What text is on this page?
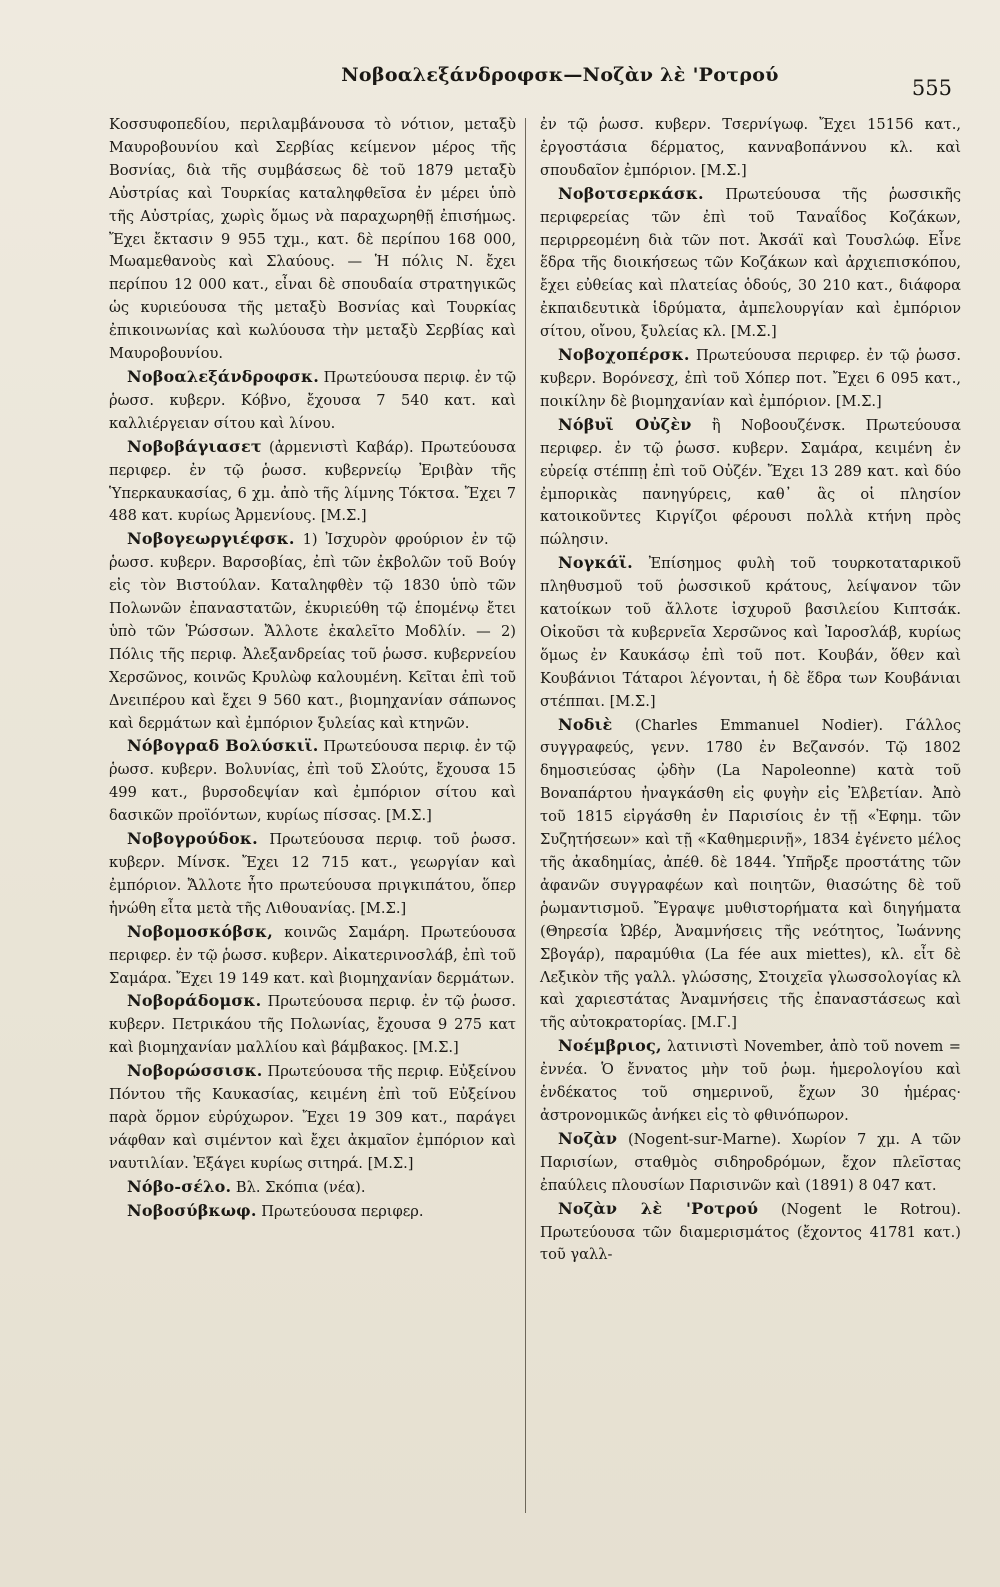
Νοβοαλεξάνδροφσκ—Νοζὰν λὲ 'Ροτρού
555

Κοσσυφοπεδίου, περιλαμβάνουσα τὸ νότιον, μεταξὺ Μαυροβουνίου καὶ Σερβίας κείμενον μέρος τῆς Βοσνίας, διὰ τῆς συμβάσεως δὲ τοῦ 1879 μεταξὺ Αὐστρίας καὶ Τουρκίας καταληφθεῖσα ἐν μέρει ὑπὸ τῆς Αὐστρίας, χωρὶς ὅμως νὰ παραχωρηθῇ ἐπισήμως. Ἔχει ἔκτασιν 9 955 τχμ., κατ. δὲ περίπου 168 000, Μωαμεθανοὺς καὶ Σλαύους. — Ἡ πόλις Ν. ἔχει περίπου 12 000 κατ., εἶναι δὲ σπουδαία στρατηγικῶς ὡς κυριεύουσα τῆς μεταξὺ Βοσνίας καὶ Τουρκίας ἐπικοινωνίας καὶ κωλύουσα τὴν μεταξὺ Σερβίας καὶ Μαυροβουνίου.

Νοβοαλεξάνδροφσκ. Πρωτεύουσα περιφ. ἐν τῷ ῥωσσ. κυβερν. Κόβνο, ἔχουσα 7 540 κατ. καὶ καλλιέργειαν σίτου καὶ λίνου.

Νοβοβάγιασετ (ἀρμενιστὶ Καβάρ). Πρωτεύουσα περιφερ. ἐν τῷ ῥωσσ. κυβερνείῳ Ἐριβὰν τῆς Ὑπερκαυκασίας, 6 χμ. ἀπὸ τῆς λίμνης Τόκτσα. Ἔχει 7 488 κατ. κυρίως Ἀρμενίους. [Μ.Σ.]

Νοβογεωργιέφσκ. 1) Ἰσχυρὸν φρούριον ἐν τῷ ῥωσσ. κυβερν. Βαρσοβίας, ἐπὶ τῶν ἐκβολῶν τοῦ Βούγ εἰς τὸν Βιστούλαν. Καταληφθὲν τῷ 1830 ὑπὸ τῶν Πολωνῶν ἐπαναστατῶν, ἐκυριεύθη τῷ ἑπομένῳ ἔτει ὑπὸ τῶν Ῥώσσων. Ἄλλοτε ἐκαλεῖτο Μοδλίν. — 2) Πόλις τῆς περιφ. Ἀλεξανδρείας τοῦ ῥωσσ. κυβερνείου Χερσῶνος, κοινῶς Κρυλὼφ καλουμένη. Κεῖται ἐπὶ τοῦ Δνειπέρου καὶ ἔχει 9 560 κατ., βιομηχανίαν σάπωνος καὶ δερμάτων καὶ ἐμπόριον ξυλείας καὶ κτηνῶν.

Νόβογραδ Βολύσκιϊ. Πρωτεύουσα περιφ. ἐν τῷ ῥωσσ. κυβερν. Βολυνίας, ἐπὶ τοῦ Σλούτς, ἔχουσα 15 499 κατ., βυρσοδεψίαν καὶ ἐμπόριον σίτου καὶ δασικῶν προϊόντων, κυρίως πίσσας. [Μ.Σ.]

Νοβογρούδοκ. Πρωτεύουσα περιφ. τοῦ ῥωσσ. κυβερν. Μίνσκ. Ἔχει 12 715 κατ., γεωργίαν καὶ ἐμπόριον. Ἄλλοτε ἦτο πρωτεύουσα πριγκιπάτου, ὅπερ ἡνώθη εἶτα μετὰ τῆς Λιθουανίας. [Μ.Σ.]

Νοβομοσκόβσκ, κοινῶς Σαμάρη. Πρωτεύουσα περιφερ. ἐν τῷ ῥωσσ. κυβερν. Αἰκατερινοσλάβ, ἐπὶ τοῦ Σαμάρα. Ἔχει 19 149 κατ. καὶ βιομηχανίαν δερμάτων.

Νοβοράδομσκ. Πρωτεύουσα περιφ. ἐν τῷ ῥωσσ. κυβερν. Πετρικάου τῆς Πολωνίας, ἔχουσα 9 275 κατ καὶ βιομηχανίαν μαλλίου καὶ βάμβακος. [Μ.Σ.]

Νοβορώσσισκ. Πρωτεύουσα τῆς περιφ. Εὐξείνου Πόντου τῆς Καυκασίας, κειμένη ἐπὶ τοῦ Εὐξείνου παρὰ ὅρμον εὐρύχωρον. Ἔχει 19 309 κατ., παράγει νάφθαν καὶ σιμέντον καὶ ἔχει ἀκμαῖον ἐμπόριον καὶ ναυτιλίαν. Ἐξάγει κυρίως σιτηρά. [Μ.Σ.]

Νόβο-σέλο. Βλ. Σκόπια (νέα).

Νοβοσύβκωφ. Πρωτεύουσα περιφερ.

ἐν τῷ ῥωσσ. κυβερν. Τσερνίγωφ. Ἔχει 15156 κατ., ἐργοστάσια δέρματος, κανναβοπάννου κλ. καὶ σπουδαῖον ἐμπόριον. [Μ.Σ.]

Νοβοτσερκάσκ. Πρωτεύουσα τῆς ῥωσσικῆς περιφερείας τῶν ἐπὶ τοῦ Ταναΐδος Κοζάκων, περιρρεομένη διὰ τῶν ποτ. Ἀκσάϊ καὶ Τουσλώφ. Εἶνε ἕδρα τῆς διοικήσεως τῶν Κοζάκων καὶ ἀρχιεπισκόπου, ἔχει εὐθείας καὶ πλατείας ὁδούς, 30 210 κατ., διάφορα ἐκπαιδευτικὰ ἱδρύματα, ἀμπελουργίαν καὶ ἐμπόριον σίτου, οἴνου, ξυλείας κλ. [Μ.Σ.]

Νοβοχοπέρσκ. Πρωτεύουσα περιφερ. ἐν τῷ ῥωσσ. κυβερν. Βορόνεσχ, ἐπὶ τοῦ Χόπερ ποτ. Ἔχει 6 095 κατ., ποικίλην δὲ βιομηχανίαν καὶ ἐμπόριον. [Μ.Σ.]

Νόβυϊ Οὐζὲν ἢ Νοβοουζένσκ. Πρωτεύουσα περιφερ. ἐν τῷ ῥωσσ. κυβερν. Σαμάρα, κειμένη ἐν εὐρείᾳ στέππῃ ἐπὶ τοῦ Οὐζέν. Ἔχει 13 289 κατ. καὶ δύο ἐμπορικὰς πανηγύρεις, καθ᾽ ἃς οἱ πλησίον κατοικοῦντες Κιργίζοι φέρουσι πολλὰ κτήνη πρὸς πώλησιν.

Νογκάϊ. Ἐπίσημος φυλὴ τοῦ τουρκοταταρικοῦ πληθυσμοῦ τοῦ ῥωσσικοῦ κράτους, λείψανον τῶν κατοίκων τοῦ ἄλλοτε ἰσχυροῦ βασιλείου Κιπτσάκ. Οἰκοῦσι τὰ κυβερνεῖα Χερσῶνος καὶ Ἰαροσλάβ, κυρίως ὅμως ἐν Καυκάσῳ ἐπὶ τοῦ ποτ. Κουβάν, ὅθεν καὶ Κουβάνιοι Τάταροι λέγονται, ἡ δὲ ἕδρα των Κουβάνιαι στέππαι. [Μ.Σ.]

Νοδιὲ (Charles Emmanuel Nodier). Γάλλος συγγραφεύς, γενν. 1780 ἐν Βεζανσόν. Τῷ 1802 δημοσιεύσας ᾠδὴν (La Napoleonne) κατὰ τοῦ Βοναπάρτου ἠναγκάσθη εἰς φυγὴν εἰς Ἐλβετίαν. Ἀπὸ τοῦ 1815 εἰργάσθη ἐν Παρισίοις ἐν τῇ «Ἐφημ. τῶν Συζητήσεων» καὶ τῇ «Καθημερινῇ», 1834 ἐγένετο μέλος τῆς ἀκαδημίας, ἀπέθ. δὲ 1844. Ὑπῆρξε προστάτης τῶν ἀφανῶν συγγραφέων καὶ ποιητῶν, θιασώτης δὲ τοῦ ῥωμαντισμοῦ. Ἔγραψε μυθιστορήματα καὶ διηγήματα (Θηρεσία Ὠβέρ, Ἀναμνήσεις τῆς νεότητος, Ἰωάννης Σβογάρ), παραμύθια (La fée aux miettes), κλ. εἶτ δὲ Λεξικὸν τῆς γαλλ. γλώσσης, Στοιχεῖα γλωσσολογίας κλ καὶ χαριεστάτας Ἀναμνήσεις τῆς ἐπαναστάσεως καὶ τῆς αὐτοκρατορίας. [Μ.Γ.]

Νοέμβριος, λατινιστὶ November, ἀπὸ τοῦ novem = ἐννέα. Ὁ ἔννατος μὴν τοῦ ῥωμ. ἡμερολογίου καὶ ἑνδέκατος τοῦ σημερινοῦ, ἔχων 30 ἡμέρας· ἀστρονομικῶς ἀνήκει εἰς τὸ φθινόπωρον.

Νοζὰν (Nogent-sur-Marne). Χωρίον 7 χμ. Α τῶν Παρισίων, σταθμὸς σιδηροδρόμων, ἔχον πλεῖστας ἐπαύλεις πλουσίων Παρισινῶν καὶ (1891) 8 047 κατ.

Νοζὰν λὲ 'Ροτρού (Nogent le Rotrou). Πρωτεύουσα τῶν διαμερισμάτος (ἔχοντος 41781 κατ.) τοῦ γαλλ-
